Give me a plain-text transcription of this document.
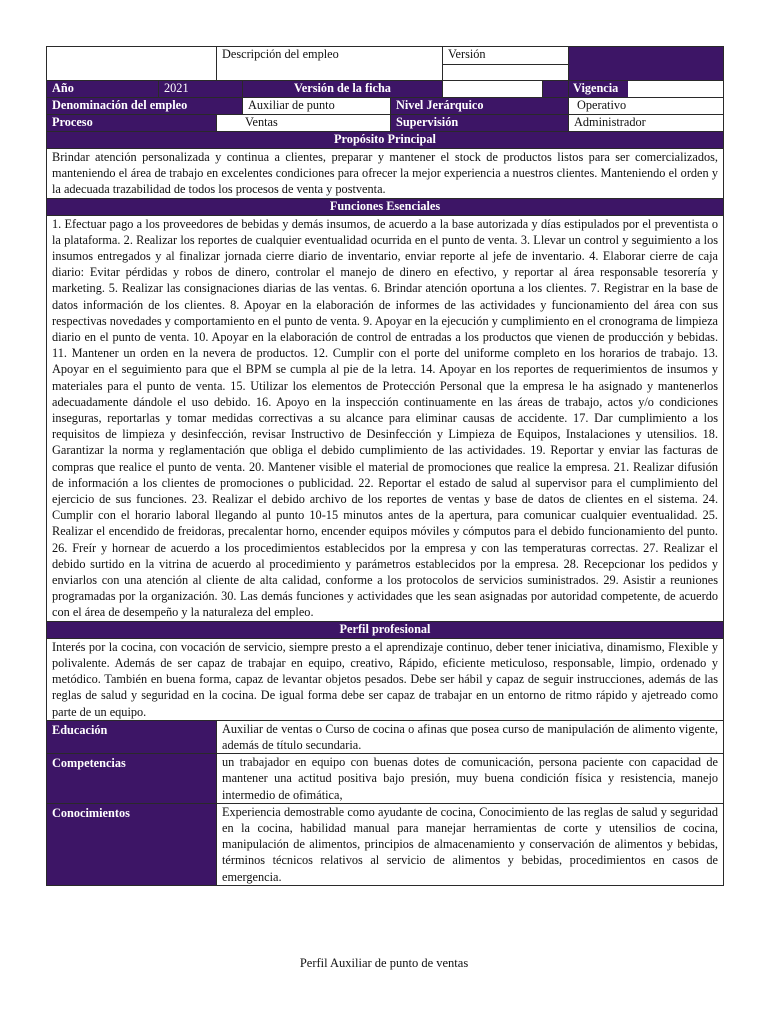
		Descripción del empleo			Versión		

Año	2021		Versión de la ficha				Vigencia

Denominación del empleo			Auxiliar de punto	Nivel Jerárquico			Operativo
Proceso		Ventas		Supervisión			Administrador
Propósito Principal							
Brindar atención personalizada y continua a clientes, preparar y mantener el stock de productos listos para ser comercializados, manteniendo el área de trabajo en excelentes condiciones para ofrecer la mejor experiencia a nuestros clientes. Manteniendo el orden y la adecuada trazabilidad de todos los procesos de venta y postventa.							
Funciones Esenciales							
1. Efectuar pago a los proveedores de bebidas y demás insumos, de acuerdo a la base autorizada y días estipulados por el preventista o la plataforma. 2. Realizar los reportes de cualquier eventualidad ocurrida en el punto de venta. 3. Llevar un control y seguimiento a los insumos entregados y al finalizar jornada cierre diario de inventario, enviar reporte al jefe de inventario. 4. Elaborar cierre de caja diario: Evitar pérdidas y robos de dinero, controlar el manejo de dinero en efectivo, y reportar al área responsable tesorería y marketing. 5. Realizar las consignaciones diarias de las ventas. 6. Brindar atención oportuna a los clientes. 7. Registrar en la base de datos información de los clientes. 8. Apoyar en la elaboración de informes de las actividades y funcionamiento del área con sus respectivas novedades y comportamiento en el punto de venta. 9. Apoyar en la ejecución y cumplimiento en el cronograma de limpieza diario en el punto de venta. 10. Apoyar en la elaboración de control de entradas a los productos que vienen de producción y bebidas. 11. Mantener un orden en la nevera de productos. 12. Cumplir con el porte del uniforme completo en los horarios de trabajo. 13. Apoyar en el seguimiento para que el BPM se cumpla al pie de la letra. 14. Apoyar en los reportes de requerimientos de insumos y materiales para el punto de venta. 15. Utilizar los elementos de Protección Personal que la empresa le ha asignado y mantenerlos adecuadamente dándole el uso debido. 16. Apoyo en la inspección continuamente en las áreas de trabajo, actos y/o condiciones inseguras, reportarlas y tomar medidas correctivas a su alcance para eliminar causas de accidente. 17. Dar cumplimiento a los requisitos de limpieza y desinfección, revisar Instructivo de Desinfección y Limpieza de Equipos, Instalaciones y utensilios. 18. Garantizar la norma y reglamentación que obliga el debido cumplimiento de las actividades. 19. Reportar y enviar las facturas de compras que realice el punto de venta. 20. Mantener visible el material de promociones que realice la empresa. 21. Realizar difusión de información a los clientes de promociones o publicidad. 22. Reportar el estado de salud al supervisor para el cumplimiento del ejercicio de sus funciones. 23. Realizar el debido archivo de los reportes de ventas y base de datos de clientes en el sistema. 24. Cumplir con el horario laboral llegando al punto 10-15 minutos antes de la apertura, para comunicar cualquier eventualidad. 25. Realizar el encendido de freidoras, precalentar horno, encender equipos móviles y cómputos para el debido funcionamiento del punto. 26. Freír y hornear de acuerdo a los procedimientos establecidos por la empresa y con las temperaturas correctas. 27. Realizar el debido surtido en la vitrina de acuerdo al procedimiento y parámetros establecidos por la empresa. 28. Recepcionar los pedidos y enviarlos con una atención al cliente de alta calidad, conforme a los protocolos de servicios suministrados. 29. Asistir a reuniones programadas por la organización. 30. Las demás funciones y actividades que les sean asignadas por autoridad competente, de acuerdo con el área de desempeño y la naturaleza del empleo.							
Perfil profesional							
Interés por la cocina, con vocación de servicio, siempre presto a el aprendizaje continuo, deber tener iniciativa, dinamismo, Flexible y polivalente. Además de ser capaz de trabajar en equipo, creativo, Rápido, eficiente meticuloso, responsable, limpio, ordenado y metódico. También en buena forma, capaz de levantar objetos pesados. Debe ser hábil y capaz de seguir instrucciones, además de las reglas de salud y seguridad en la cocina. De igual forma debe ser capaz de trabajar en un entorno de ritmo rápido y ajetreado como parte de un equipo.							
Educación		Auxiliar de ventas o Curso de cocina o afinas que posea curso de manipulación de alimento vigente, además de título secundaria.					
Competencias		un trabajador en equipo con buenas dotes de comunicación, persona paciente con capacidad de mantener una actitud positiva bajo presión, muy buena condición física y resistencia, manejo intermedio de ofimática,					
Conocimientos		Experiencia demostrable como ayudante de cocina, Conocimiento de las reglas de salud y seguridad en la cocina, habilidad manual para manejar herramientas de corte y utensilios de cocina, manipulación de alimentos, principios de almacenamiento y conservación de alimentos y bebidas, términos técnicos relativos al servicio de alimentos y bebidas, procedimientos en casos de emergencia.					
Perfil Auxiliar de punto de ventas
